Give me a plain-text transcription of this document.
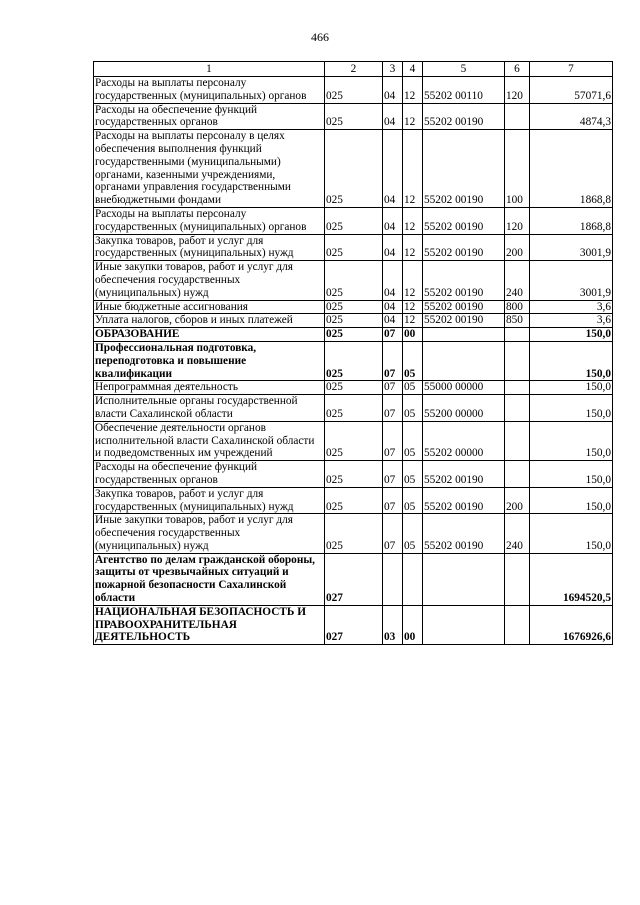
466
1	2	3	4	5	6	7
Расходы на выплаты персоналу государственных (муниципальных) органов	025	04	12	55202 00110	120	57071,6
Расходы на обеспечение функций государственных органов	025	04	12	55202 00190		4874,3
Расходы на выплаты персоналу в целях обеспечения выполнения функций государственными (муниципальными) органами, казенными учреждениями, органами управления государственными внебюджетными фондами	025	04	12	55202 00190	100	1868,8
Расходы на выплаты персоналу государственных (муниципальных) органов	025	04	12	55202 00190	120	1868,8
Закупка товаров, работ и услуг для государственных (муниципальных) нужд	025	04	12	55202 00190	200	3001,9
Иные закупки товаров, работ и услуг для обеспечения государственных (муниципальных) нужд	025	04	12	55202 00190	240	3001,9
Иные бюджетные ассигнования	025	04	12	55202 00190	800	3,6
Уплата налогов, сборов и иных платежей	025	04	12	55202 00190	850	3,6
ОБРАЗОВАНИЕ	025	07	00			150,0
Профессиональная подготовка, переподготовка и повышение квалификации	025	07	05			150,0
Непрограммная деятельность	025	07	05	55000 00000		150,0
Исполнительные органы государственной власти Сахалинской области	025	07	05	55200 00000		150,0
Обеспечение деятельности органов исполнительной власти Сахалинской области и подведомственных им учреждений	025	07	05	55202 00000		150,0
Расходы на обеспечение функций государственных органов	025	07	05	55202 00190		150,0
Закупка товаров, работ и услуг для государственных (муниципальных) нужд	025	07	05	55202 00190	200	150,0
Иные закупки товаров, работ и услуг для обеспечения государственных (муниципальных) нужд	025	07	05	55202 00190	240	150,0
Агентство по делам гражданской обороны, защиты от чрезвычайных ситуаций и пожарной безопасности Сахалинской области	027					1694520,5
НАЦИОНАЛЬНАЯ БЕЗОПАСНОСТЬ И ПРАВООХРАНИТЕЛЬНАЯ ДЕЯТЕЛЬНОСТЬ	027	03	00			1676926,6
